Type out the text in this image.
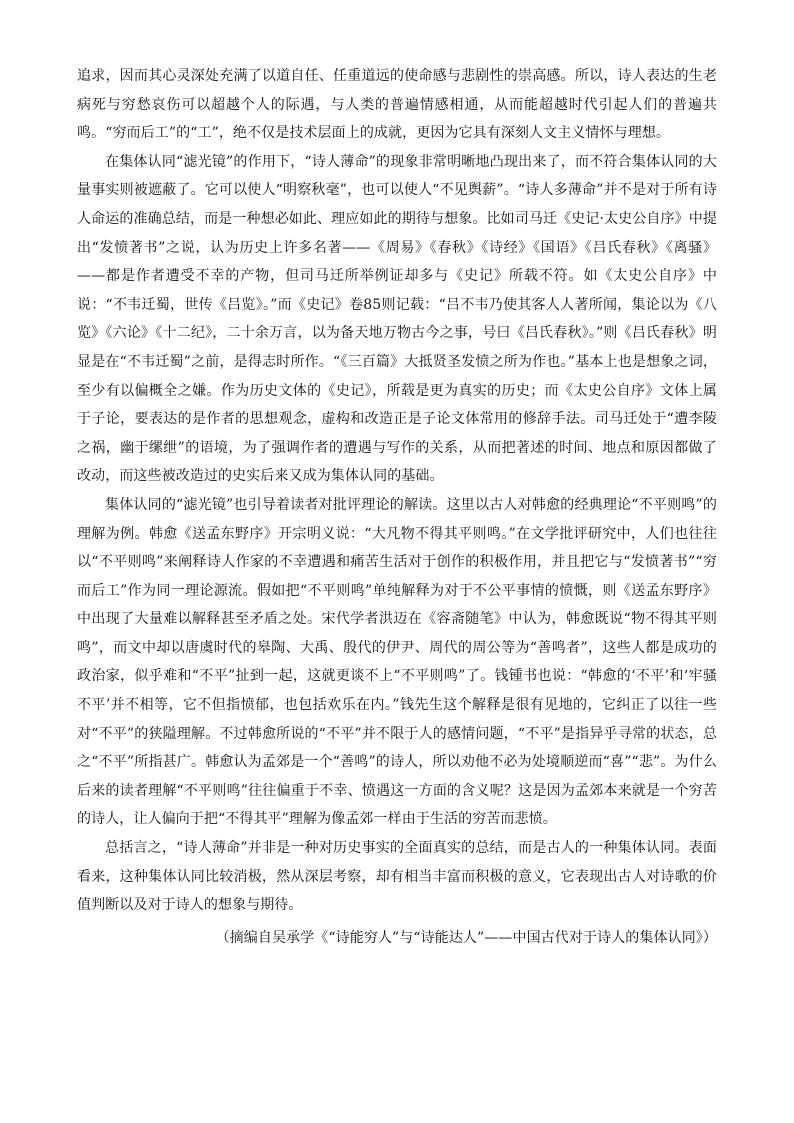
追求，因而其心灵深处充满了以道自任、任重道远的使命感与悲剧性的崇高感。所以，诗人表达的生老病死与穷愁哀伤可以超越个人的际遇，与人类的普遍情感相通，从而能超越时代引起人们的普遍共鸣。“穷而后工”的“工”，绝不仅是技术层面上的成就，更因为它具有深刻人文主义情怀与理想。

在集体认同“滤光镜”的作用下，“诗人薄命”的现象非常明晰地凸现出来了，而不符合集体认同的大量事实则被遮蔽了。它可以使人“明察秋毫”，也可以使人“不见舆薪”。“诗人多薄命”并不是对于所有诗人命运的准确总结，而是一种想必如此、理应如此的期待与想象。比如司马迁《史记·太史公自序》中提出“发愤著书”之说，认为历史上许多名著——《周易》《春秋》《诗经》《国语》《吕氏春秋》《离骚》——都是作者遭受不幸的产物，但司马迁所举例证却多与《史记》所载不符。如《太史公自序》中说：“不韦迁蜀，世传《吕览》。”而《史记》卷85则记载：“吕不韦乃使其客人人著所闻，集论以为《八览》《六论》《十二纪》，二十余万言，以为备天地万物古今之事，号曰《吕氏春秋》。”则《吕氏春秋》明显是在“不韦迁蜀”之前，是得志时所作。“《三百篇》大抵贤圣发愤之所为作也。”基本上也是想象之词，至少有以偏概全之嫌。作为历史文体的《史记》，所载是更为真实的历史；而《太史公自序》文体上属于子论，要表达的是作者的思想观念，虚构和改造正是子论文体常用的修辞手法。司马迁处于“遭李陵之祸，幽于缧绁”的语境，为了强调作者的遭遇与写作的关系，从而把著述的时间、地点和原因都做了改动，而这些被改造过的史实后来又成为集体认同的基础。

集体认同的“滤光镜”也引导着读者对批评理论的解读。这里以古人对韩愈的经典理论“不平则鸣”的理解为例。韩愈《送孟东野序》开宗明义说：“大凡物不得其平则鸣。”在文学批评研究中，人们也往往以“不平则鸣”来阐释诗人作家的不幸遭遇和痛苦生活对于创作的积极作用，并且把它与“发愤著书”“穷而后工”作为同一理论源流。假如把“不平则鸣”单纯解释为对于不公平事情的愤慨，则《送孟东野序》中出现了大量难以解释甚至矛盾之处。宋代学者洪迈在《容斋随笔》中认为，韩愈既说“物不得其平则鸣”，而文中却以唐虞时代的皋陶、大禹、殷代的伊尹、周代的周公等为“善鸣者”，这些人都是成功的政治家，似乎难和“不平”扯到一起，这就更谈不上“不平则鸣”了。钱锺书也说：“韩愈的‘不平’和‘牢骚不平’并不相等，它不但指愤郁，也包括欢乐在内。”钱先生这个解释是很有见地的，它纠正了以往一些对“不平”的狭隘理解。不过韩愈所说的“不平”并不限于人的感情问题，“不平”是指异乎寻常的状态，总之“不平”所指甚广。韩愈认为孟郊是一个“善鸣”的诗人，所以劝他不必为处境顺逆而“喜”“悲”。为什么后来的读者理解“不平则鸣”往往偏重于不幸、愤遇这一方面的含义呢？这是因为孟郊本来就是一个穷苦的诗人，让人偏向于把“不得其平”理解为像孟郊一样由于生活的穷苦而悲愤。

总括言之，“诗人薄命”并非是一种对历史事实的全面真实的总结，而是古人的一种集体认同。表面看来，这种集体认同比较消极，然从深层考察，却有相当丰富而积极的意义，它表现出古人对诗歌的价值判断以及对于诗人的想象与期待。

（摘编自吴承学《“诗能穷人”与“诗能达人”——中国古代对于诗人的集体认同》）
